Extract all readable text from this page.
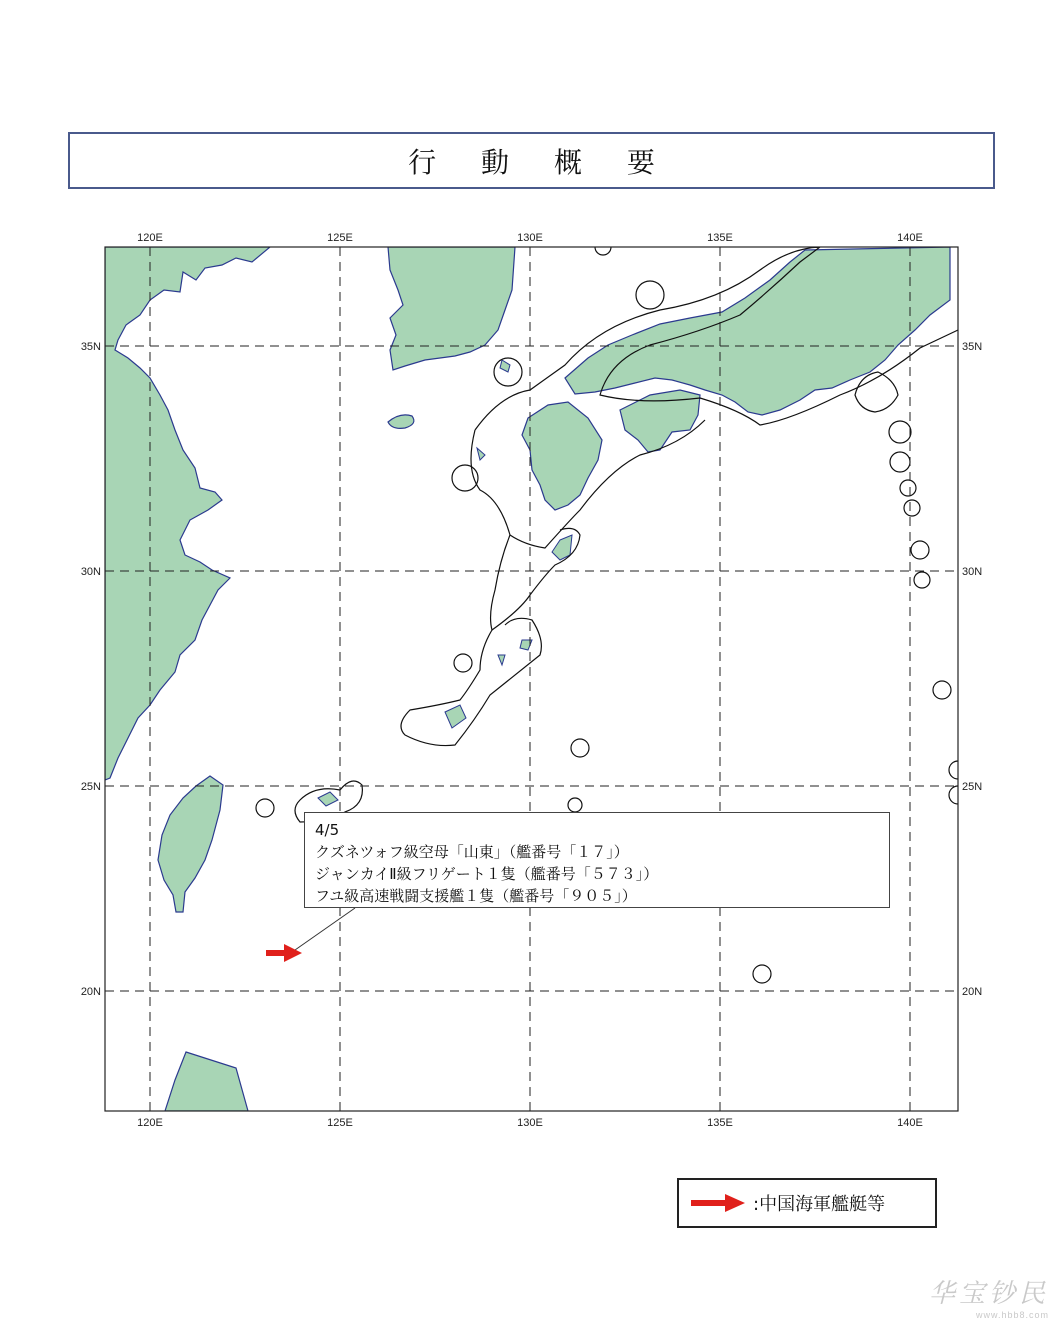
行 動 概 要
120E	125E	130E	135E	140E
120E	125E	130E	135E	140E
35N
30N
25N
20N
35N
30N
25N
20N
4/5
クズネツォフ級空母「山東」（艦番号「１７」）
ジャンカイⅡ級フリゲート１隻（艦番号「５７３」）
フユ級高速戦闘支援艦１隻（艦番号「９０５」）
:中国海軍艦艇等
华宝钞民
www.hbb8.com
